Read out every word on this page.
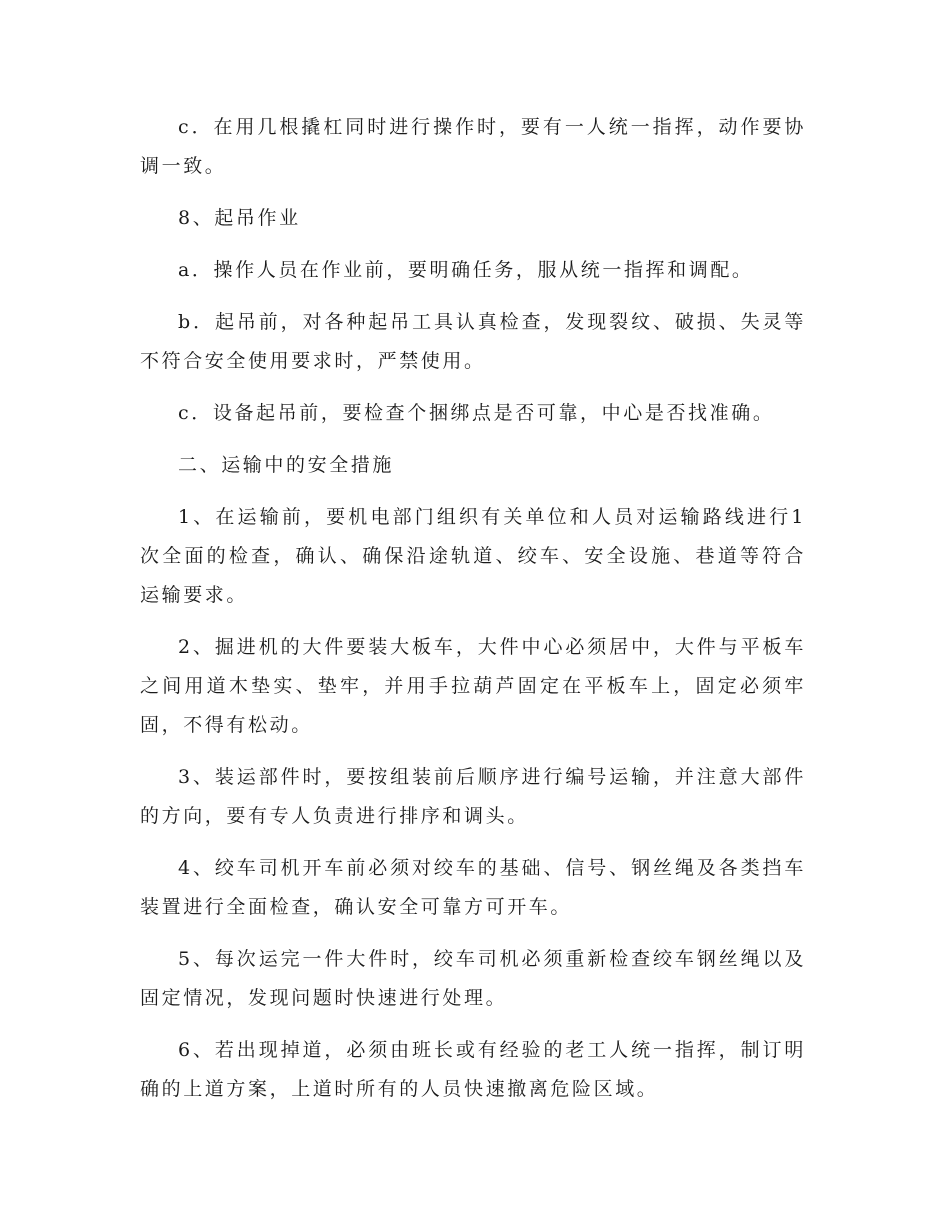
c．在用几根撬杠同时进行操作时，要有一人统一指挥，动作要协调一致。

8、起吊作业

a．操作人员在作业前，要明确任务，服从统一指挥和调配。

b．起吊前，对各种起吊工具认真检查，发现裂纹、破损、失灵等不符合安全使用要求时，严禁使用。

c．设备起吊前，要检查个捆绑点是否可靠，中心是否找准确。

二、运输中的安全措施

1、在运输前，要机电部门组织有关单位和人员对运输路线进行1次全面的检查，确认、确保沿途轨道、绞车、安全设施、巷道等符合运输要求。

2、掘进机的大件要装大板车，大件中心必须居中，大件与平板车之间用道木垫实、垫牢，并用手拉葫芦固定在平板车上，固定必须牢固，不得有松动。

3、装运部件时，要按组装前后顺序进行编号运输，并注意大部件的方向，要有专人负责进行排序和调头。

4、绞车司机开车前必须对绞车的基础、信号、钢丝绳及各类挡车装置进行全面检查，确认安全可靠方可开车。

5、每次运完一件大件时，绞车司机必须重新检查绞车钢丝绳以及固定情况，发现问题时快速进行处理。

6、若出现掉道，必须由班长或有经验的老工人统一指挥，制订明确的上道方案，上道时所有的人员快速撤离危险区域。
